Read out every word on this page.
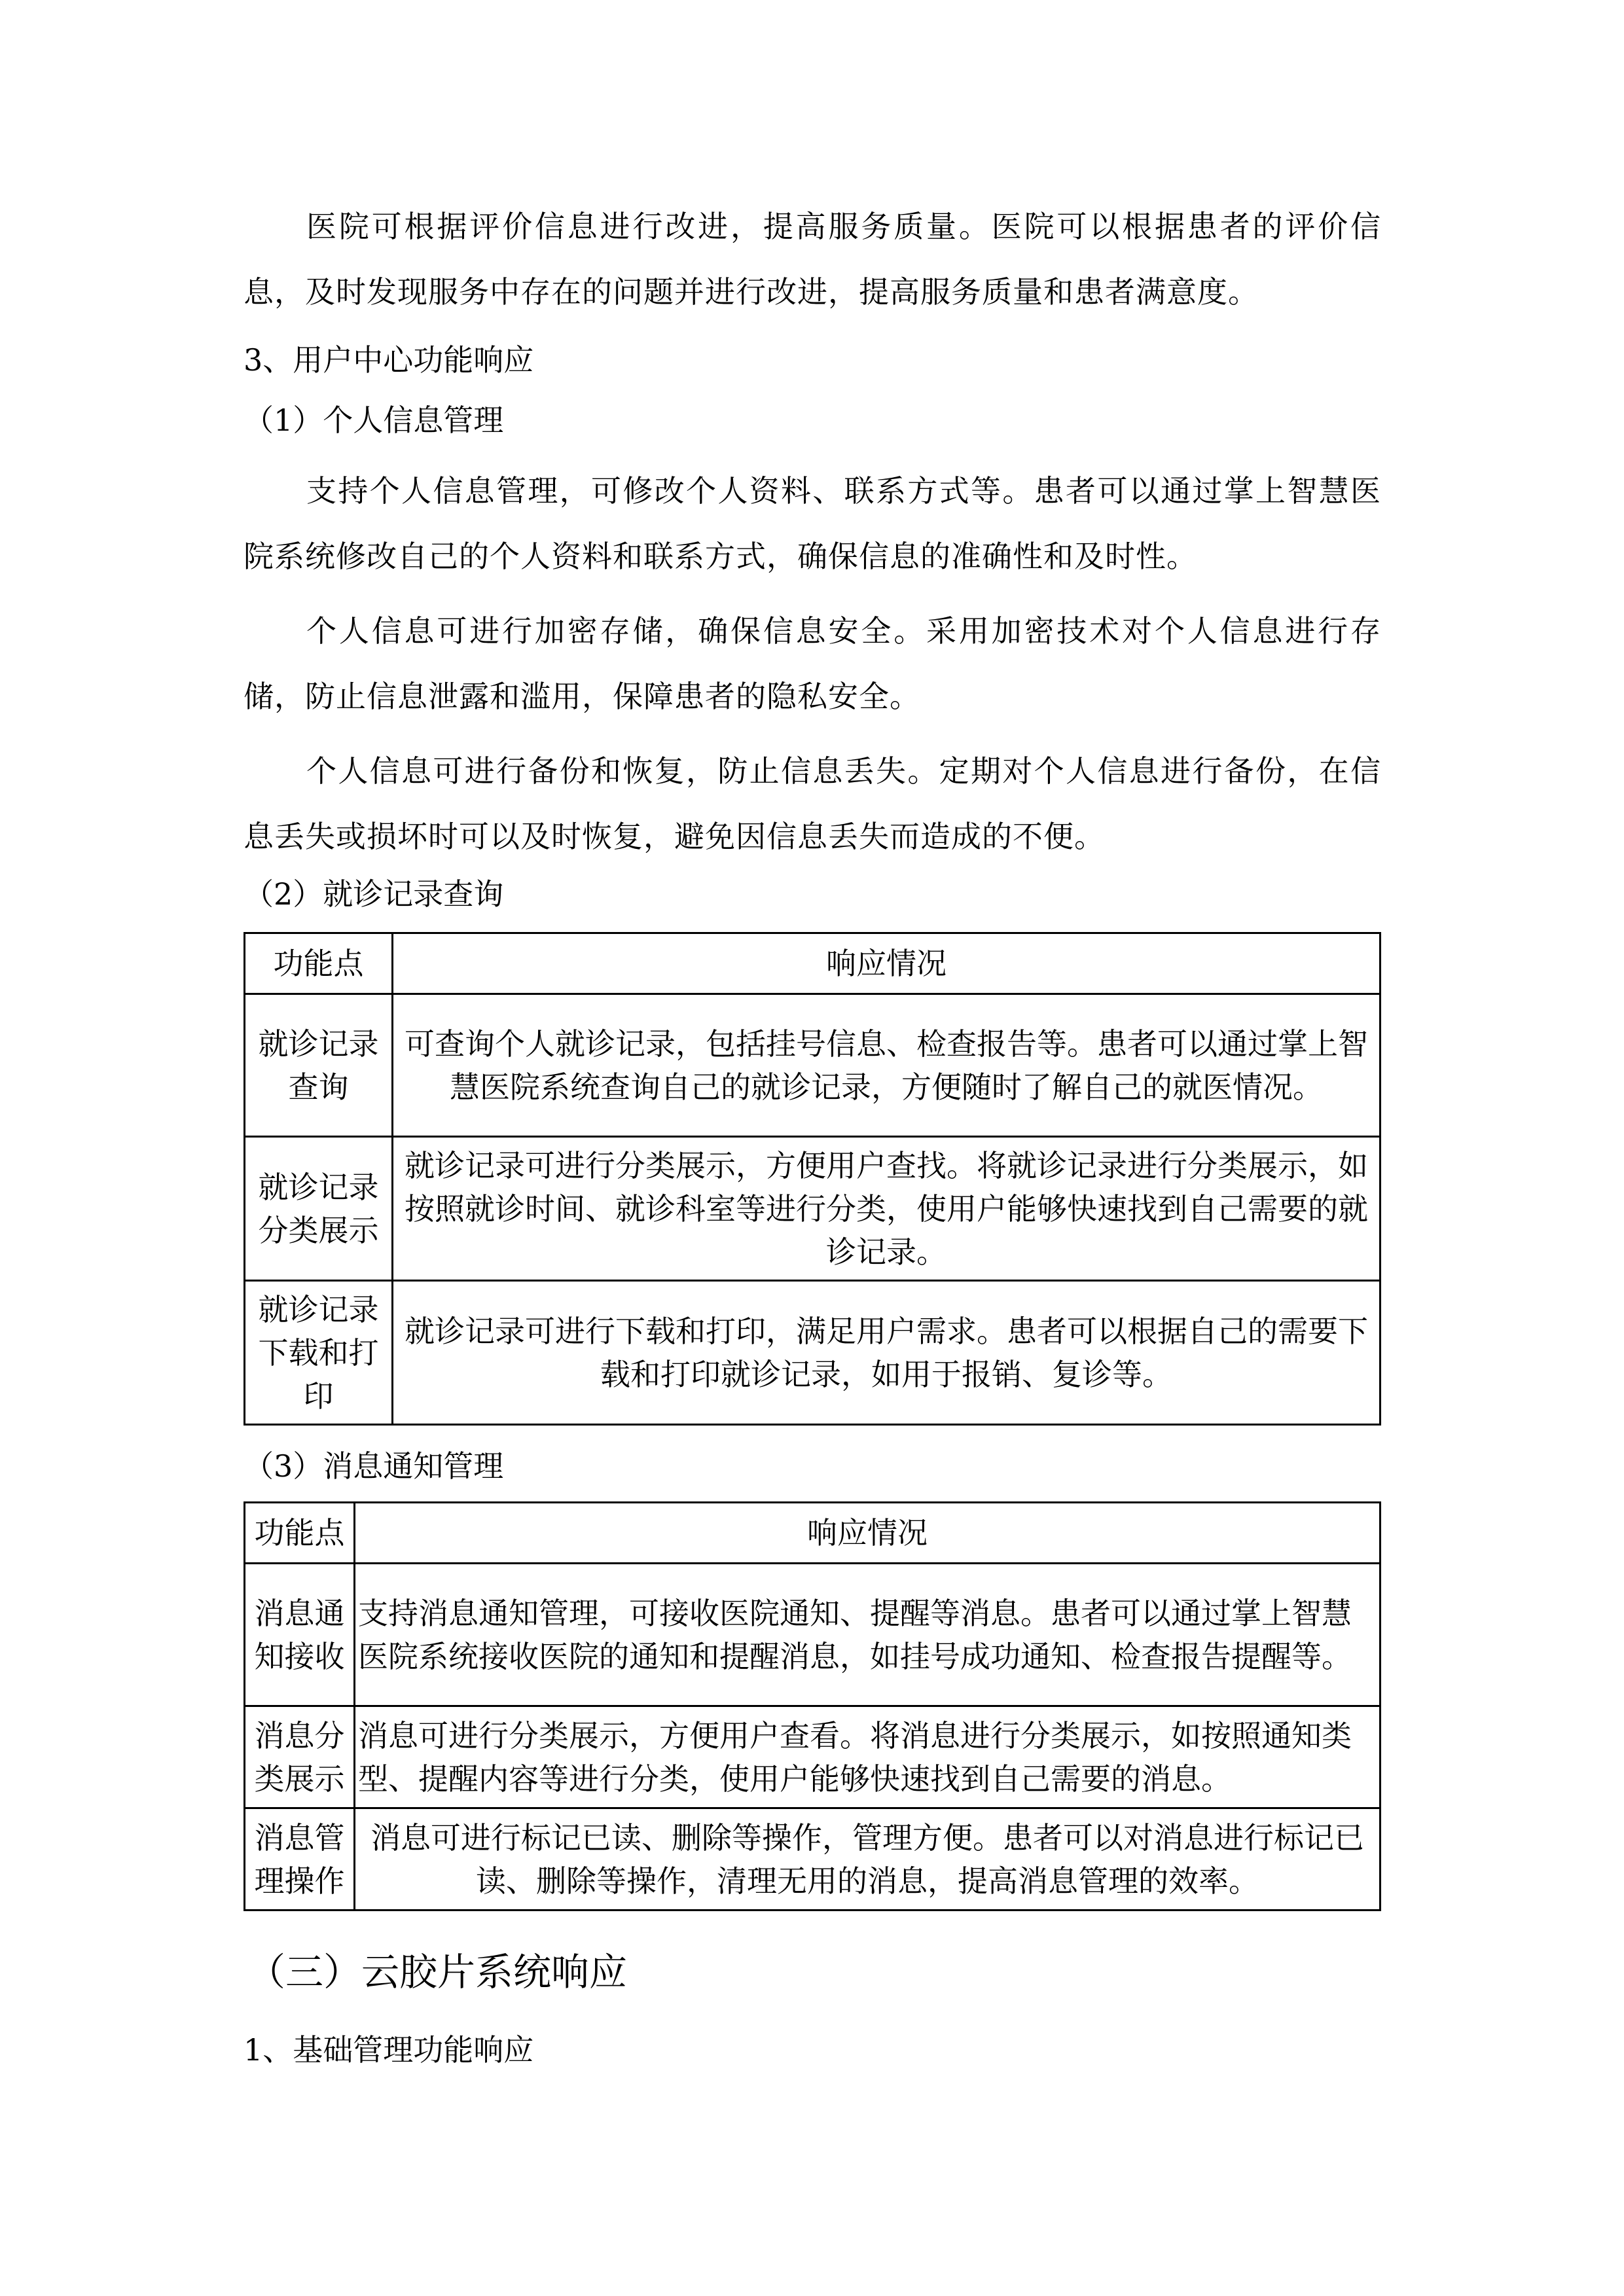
医院可根据评价信息进行改进，提高服务质量。医院可以根据患者的评价信息，及时发现服务中存在的问题并进行改进，提高服务质量和患者满意度。

3、用户中心功能响应

（1）个人信息管理

支持个人信息管理，可修改个人资料、联系方式等。患者可以通过掌上智慧医院系统修改自己的个人资料和联系方式，确保信息的准确性和及时性。

个人信息可进行加密存储，确保信息安全。采用加密技术对个人信息进行存储，防止信息泄露和滥用，保障患者的隐私安全。

个人信息可进行备份和恢复，防止信息丢失。定期对个人信息进行备份，在信息丢失或损坏时可以及时恢复，避免因信息丢失而造成的不便。

（2）就诊记录查询

功能点	响应情况
就诊记录查询	可查询个人就诊记录，包括挂号信息、检查报告等。患者可以通过掌上智慧医院系统查询自己的就诊记录，方便随时了解自己的就医情况。
就诊记录分类展示	就诊记录可进行分类展示，方便用户查找。将就诊记录进行分类展示，如按照就诊时间、就诊科室等进行分类，使用户能够快速找到自己需要的就诊记录。
就诊记录下载和打印	就诊记录可进行下载和打印，满足用户需求。患者可以根据自己的需要下载和打印就诊记录，如用于报销、复诊等。

（3）消息通知管理

功能点	响应情况
消息通知接收	支持消息通知管理，可接收医院通知、提醒等消息。患者可以通过掌上智慧医院系统接收医院的通知和提醒消息，如挂号成功通知、检查报告提醒等。
消息分类展示	消息可进行分类展示，方便用户查看。将消息进行分类展示，如按照通知类型、提醒内容等进行分类，使用户能够快速找到自己需要的消息。
消息管理操作	消息可进行标记已读、删除等操作，管理方便。患者可以对消息进行标记已读、删除等操作，清理无用的消息，提高消息管理的效率。

（三）云胶片系统响应

1、基础管理功能响应
